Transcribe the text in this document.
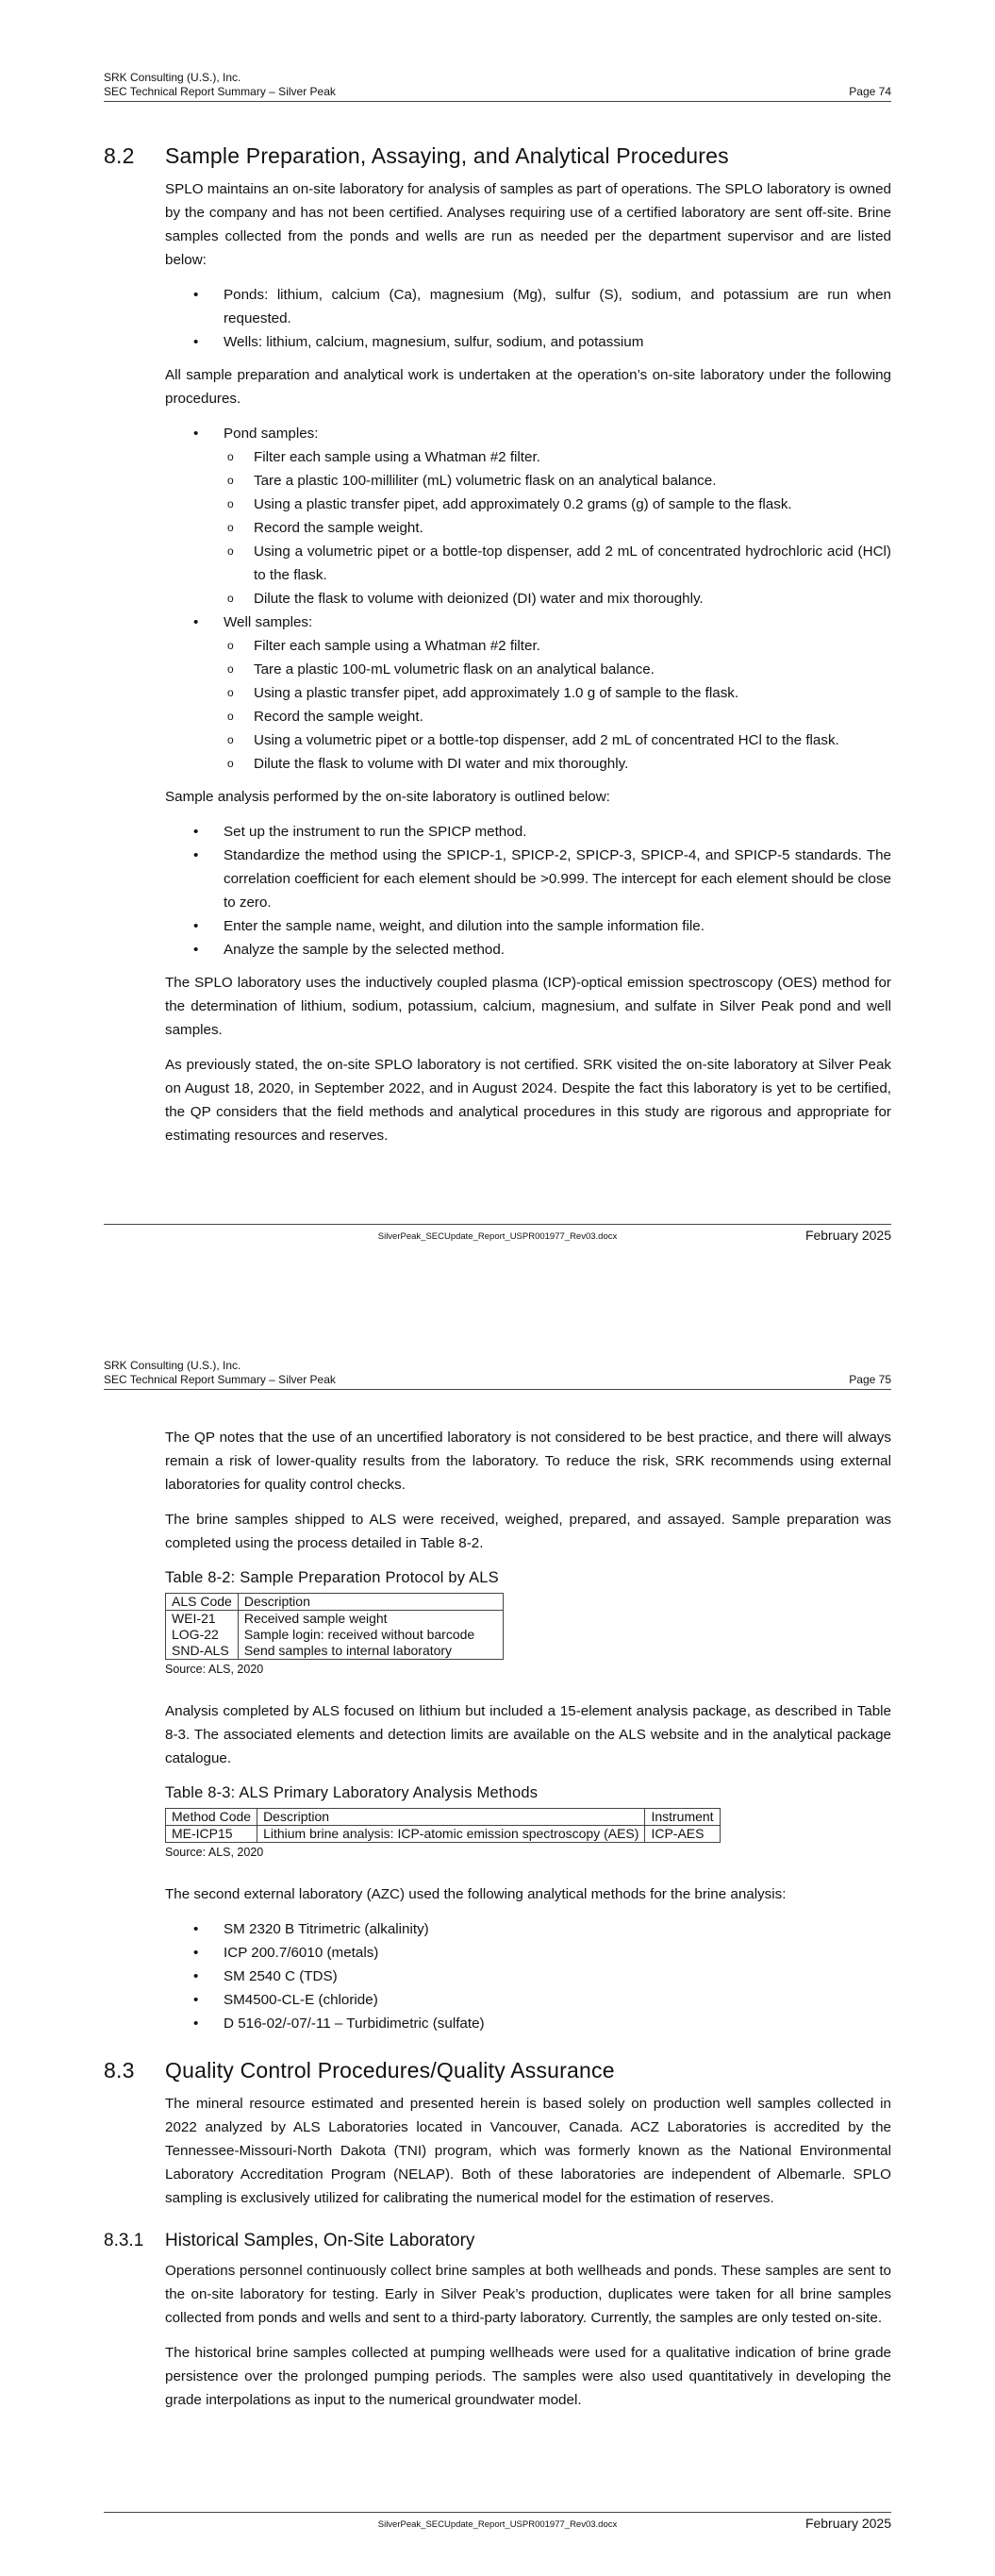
SRK Consulting (U.S.), Inc.
SEC Technical Report Summary – Silver Peak	Page 74
8.2	Sample Preparation, Assaying, and Analytical Procedures

SPLO maintains an on-site laboratory for analysis of samples as part of operations. The SPLO laboratory is owned by the company and has not been certified. Analyses requiring use of a certified laboratory are sent off-site. Brine samples collected from the ponds and wells are run as needed per the department supervisor and are listed below:

• Ponds: lithium, calcium (Ca), magnesium (Mg), sulfur (S), sodium, and potassium are run when requested.
• Wells: lithium, calcium, magnesium, sulfur, sodium, and potassium

All sample preparation and analytical work is undertaken at the operation’s on-site laboratory under the following procedures.

• Pond samples:
o Filter each sample using a Whatman #2 filter.
o Tare a plastic 100-milliliter (mL) volumetric flask on an analytical balance.
o Using a plastic transfer pipet, add approximately 0.2 grams (g) of sample to the flask.
o Record the sample weight.
o Using a volumetric pipet or a bottle-top dispenser, add 2 mL of concentrated hydrochloric acid (HCl) to the flask.
o Dilute the flask to volume with deionized (DI) water and mix thoroughly.
• Well samples:
o Filter each sample using a Whatman #2 filter.
o Tare a plastic 100-mL volumetric flask on an analytical balance.
o Using a plastic transfer pipet, add approximately 1.0 g of sample to the flask.
o Record the sample weight.
o Using a volumetric pipet or a bottle-top dispenser, add 2 mL of concentrated HCl to the flask.
o Dilute the flask to volume with DI water and mix thoroughly.

Sample analysis performed by the on-site laboratory is outlined below:

• Set up the instrument to run the SPICP method.
• Standardize the method using the SPICP-1, SPICP-2, SPICP-3, SPICP-4, and SPICP-5 standards. The correlation coefficient for each element should be >0.999. The intercept for each element should be close to zero.
• Enter the sample name, weight, and dilution into the sample information file.
• Analyze the sample by the selected method.

The SPLO laboratory uses the inductively coupled plasma (ICP)-optical emission spectroscopy (OES) method for the determination of lithium, sodium, potassium, calcium, magnesium, and sulfate in Silver Peak pond and well samples.

As previously stated, the on-site SPLO laboratory is not certified. SRK visited the on-site laboratory at Silver Peak on August 18, 2020, in September 2022, and in August 2024. Despite the fact this laboratory is yet to be certified, the QP considers that the field methods and analytical procedures in this study are rigorous and appropriate for estimating resources and reserves.

SilverPeak_SECUpdate_Report_USPR001977_Rev03.docx	February 2025
SRK Consulting (U.S.), Inc.
SEC Technical Report Summary – Silver Peak	Page 75

The QP notes that the use of an uncertified laboratory is not considered to be best practice, and there will always remain a risk of lower-quality results from the laboratory. To reduce the risk, SRK recommends using external laboratories for quality control checks.

The brine samples shipped to ALS were received, weighed, prepared, and assayed. Sample preparation was completed using the process detailed in Table 8-2.

Table 8-2: Sample Preparation Protocol by ALS
ALS Code	Description
WEI-21	Received sample weight
LOG-22	Sample login: received without barcode
SND-ALS	Send samples to internal laboratory
Source: ALS, 2020

Analysis completed by ALS focused on lithium but included a 15-element analysis package, as described in Table 8-3. The associated elements and detection limits are available on the ALS website and in the analytical package catalogue.

Table 8-3: ALS Primary Laboratory Analysis Methods
Method Code	Description	Instrument
ME-ICP15	Lithium brine analysis: ICP-atomic emission spectroscopy (AES)	ICP-AES
Source: ALS, 2020

The second external laboratory (AZC) used the following analytical methods for the brine analysis:

• SM 2320 B Titrimetric (alkalinity)
• ICP 200.7/6010 (metals)
• SM 2540 C (TDS)
• SM4500-CL-E (chloride)
• D 516-02/-07/-11 – Turbidimetric (sulfate)
8.3	Quality Control Procedures/Quality Assurance

The mineral resource estimated and presented herein is based solely on production well samples collected in 2022 analyzed by ALS Laboratories located in Vancouver, Canada. ACZ Laboratories is accredited by the Tennessee-Missouri-North Dakota (TNI) program, which was formerly known as the National Environmental Laboratory Accreditation Program (NELAP). Both of these laboratories are independent of Albemarle. SPLO sampling is exclusively utilized for calibrating the numerical model for the estimation of reserves.

8.3.1	Historical Samples, On-Site Laboratory

Operations personnel continuously collect brine samples at both wellheads and ponds. These samples are sent to the on-site laboratory for testing. Early in Silver Peak’s production, duplicates were taken for all brine samples collected from ponds and wells and sent to a third-party laboratory. Currently, the samples are only tested on-site.

The historical brine samples collected at pumping wellheads were used for a qualitative indication of brine grade persistence over the prolonged pumping periods. The samples were also used quantitatively in developing the grade interpolations as input to the numerical groundwater model.

SilverPeak_SECUpdate_Report_USPR001977_Rev03.docx	February 2025
